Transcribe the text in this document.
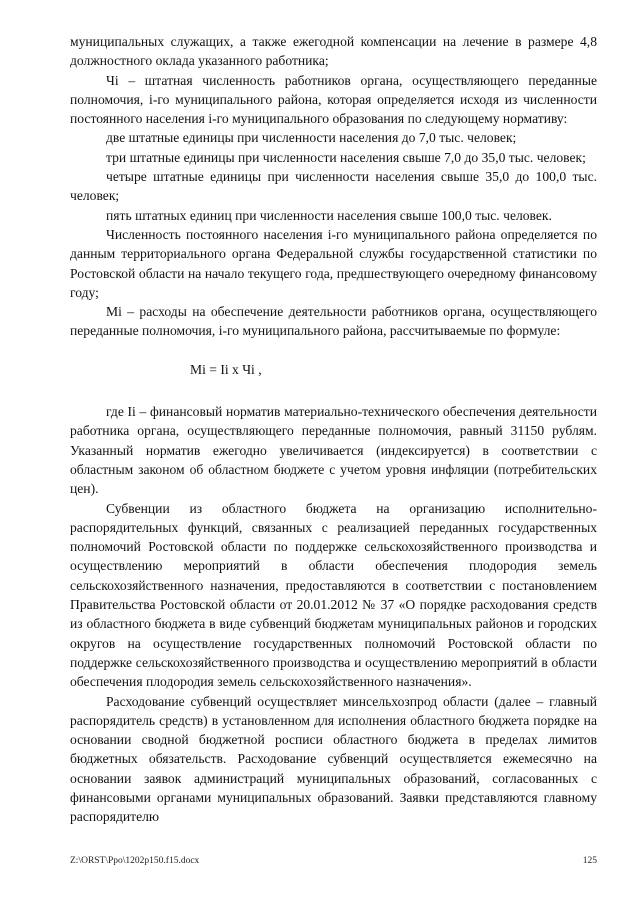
муниципальных служащих, а также ежегодной компенсации на лечение в размере 4,8 должностного оклада указанного работника;

Чi – штатная численность работников органа, осуществляющего переданные полномочия, i-го муниципального района, которая определяется исходя из численности постоянного населения i-го муниципального образования по следующему нормативу:

две штатные единицы при численности населения до 7,0 тыс. человек;

три штатные единицы при численности населения свыше 7,0 до 35,0 тыс. человек;

четыре штатные единицы при численности населения свыше 35,0 до 100,0 тыс. человек;

пять штатных единиц при численности населения свыше 100,0 тыс. человек.

Численность постоянного населения i-го муниципального района определяется по данным территориального органа Федеральной службы государственной статистики по Ростовской области на начало текущего года, предшествующего очередному финансовому году;

Мi – расходы на обеспечение деятельности работников органа, осуществляющего переданные полномочия, i-го муниципального района, рассчитываемые по формуле:

Мi = Ii х Чi ,

где Ii – финансовый норматив материально-технического обеспечения деятельности работника органа, осуществляющего переданные полномочия, равный 31150 рублям. Указанный норматив ежегодно увеличивается (индексируется) в соответствии с областным законом об областном бюджете с учетом уровня инфляции (потребительских цен).

Субвенции из областного бюджета на организацию исполнительно-распорядительных функций, связанных с реализацией переданных государственных полномочий Ростовской области по поддержке сельскохозяйственного производства и осуществлению мероприятий в области обеспечения плодородия земель сельскохозяйственного назначения, предоставляются в соответствии с постановлением Правительства Ростовской области от 20.01.2012 № 37 «О порядке расходования средств из областного бюджета в виде субвенций бюджетам муниципальных районов и городских округов на осуществление государственных полномочий Ростовской области по поддержке сельскохозяйственного производства и осуществлению мероприятий в области обеспечения плодородия земель сельскохозяйственного назначения».

Расходование субвенций осуществляет минсельхозпрод области (далее – главный распорядитель средств) в установленном для исполнения областного бюджета порядке на основании сводной бюджетной росписи областного бюджета в пределах лимитов бюджетных обязательств. Расходование субвенций осуществляется ежемесячно на основании заявок администраций муниципальных образований, согласованных с финансовыми органами муниципальных образований. Заявки представляются главному распорядителю

Z:\ORST\Ppo\1202p150.f15.docx	125
